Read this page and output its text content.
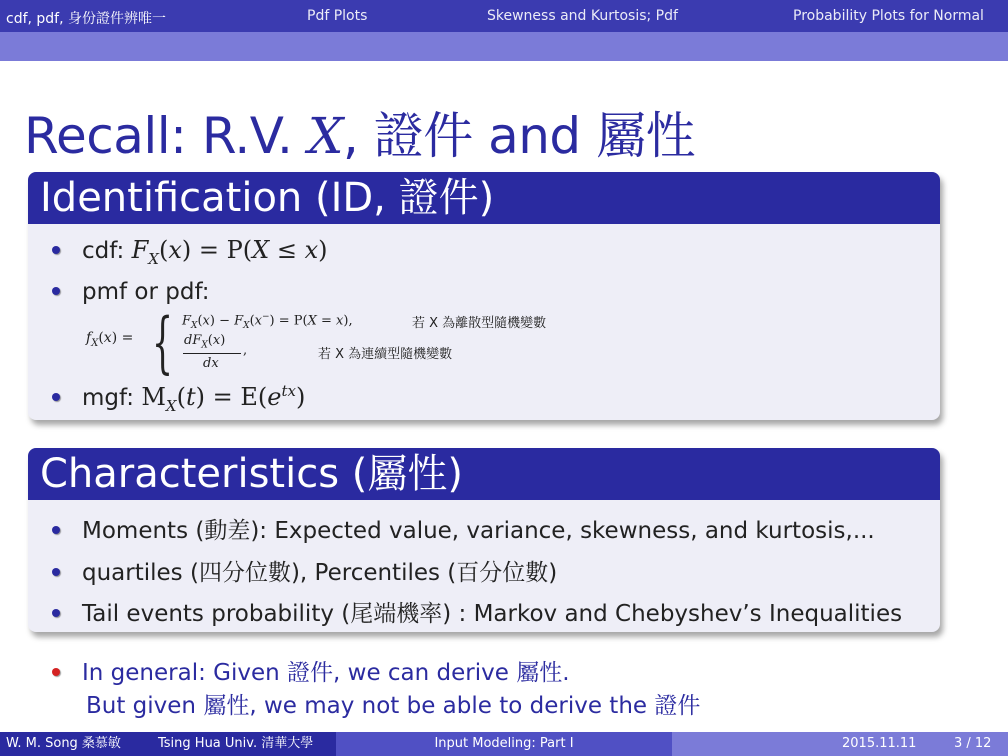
cdf, pdf, 身份證件辨唯一	Pdf Plots	Skewness and Kurtosis; Pdf	Probability Plots for Normal
Recall: R.V. X, 證件 and 屬性
Identification (ID, 證件)
cdf: $F_X(x) = P(X \le x)$
pmf or pdf:
$f_X(x)$ = { $F_X(x) - F_X(x^-) = P(X = x)$,	若 X 為離散型隨機變數
$dF_X(x)$
dx
,	若 X 為連續型隨機變數
mgf: $M_X(t) = E(e^{tx})$
Characteristics (屬性)
Moments (動差): Expected value, variance, skewness, and kurtosis,...
quartiles (四分位數), Percentiles (百分位數)
Tail events probability (尾端機率) : Markov and Chebyshev’s Inequalities
In general: Given 證件, we can derive 屬性.
But given 屬性, we may not be able to derive the 證件
W. M. Song 桑慕敏	Tsing Hua Univ. 清華大學	Input Modeling: Part I	2015.11.11	3 / 12
